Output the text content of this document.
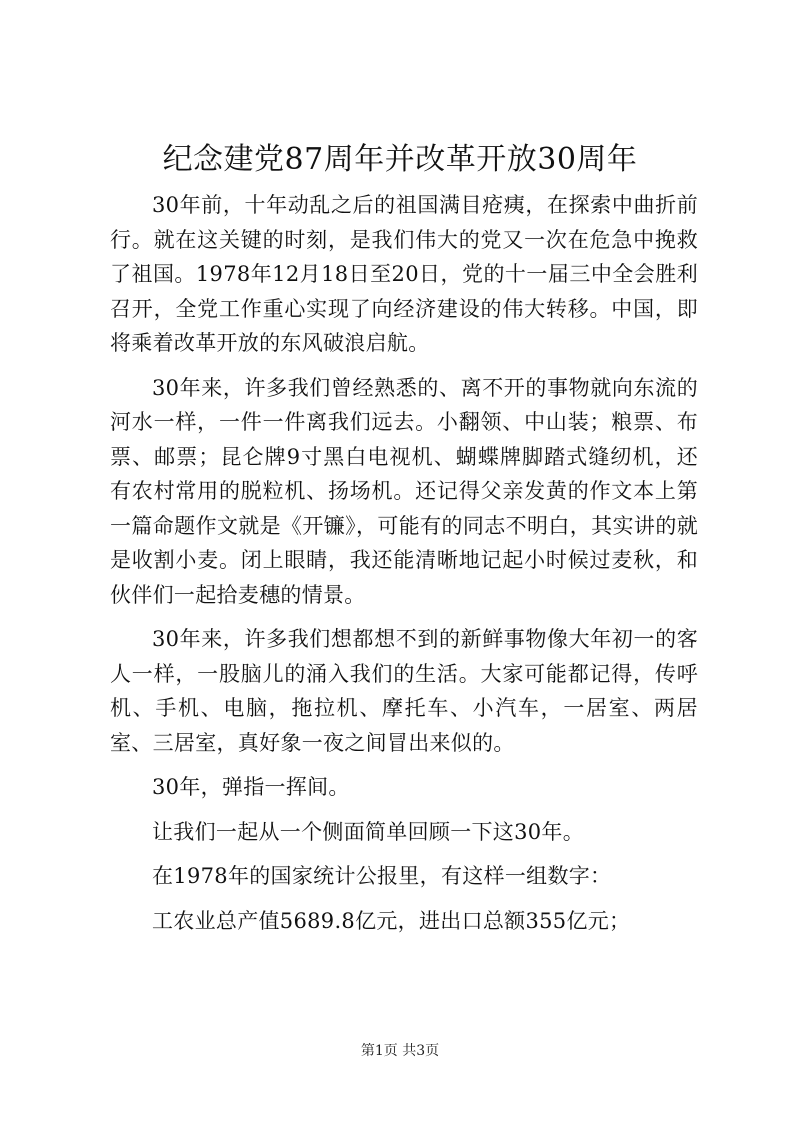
纪念建党87周年并改革开放30周年

30年前，十年动乱之后的祖国满目疮痍，在探索中曲折前行。就在这关键的时刻，是我们伟大的党又一次在危急中挽救了祖国。1978年12月18日至20日，党的十一届三中全会胜利召开，全党工作重心实现了向经济建设的伟大转移。中国，即将乘着改革开放的东风破浪启航。

30年来，许多我们曾经熟悉的、离不开的事物就向东流的河水一样，一件一件离我们远去。小翻领、中山装；粮票、布票、邮票；昆仑牌9寸黑白电视机、蝴蝶牌脚踏式缝纫机，还有农村常用的脱粒机、扬场机。还记得父亲发黄的作文本上第一篇命题作文就是《开镰》，可能有的同志不明白，其实讲的就是收割小麦。闭上眼睛，我还能清晰地记起小时候过麦秋，和伙伴们一起拾麦穗的情景。

30年来，许多我们想都想不到的新鲜事物像大年初一的客人一样，一股脑儿的涌入我们的生活。大家可能都记得，传呼机、手机、电脑，拖拉机、摩托车、小汽车，一居室、两居室、三居室，真好象一夜之间冒出来似的。

30年，弹指一挥间。

让我们一起从一个侧面简单回顾一下这30年。

在1978年的国家统计公报里，有这样一组数字：

工农业总产值5689.8亿元，进出口总额355亿元；

第1页 共3页
